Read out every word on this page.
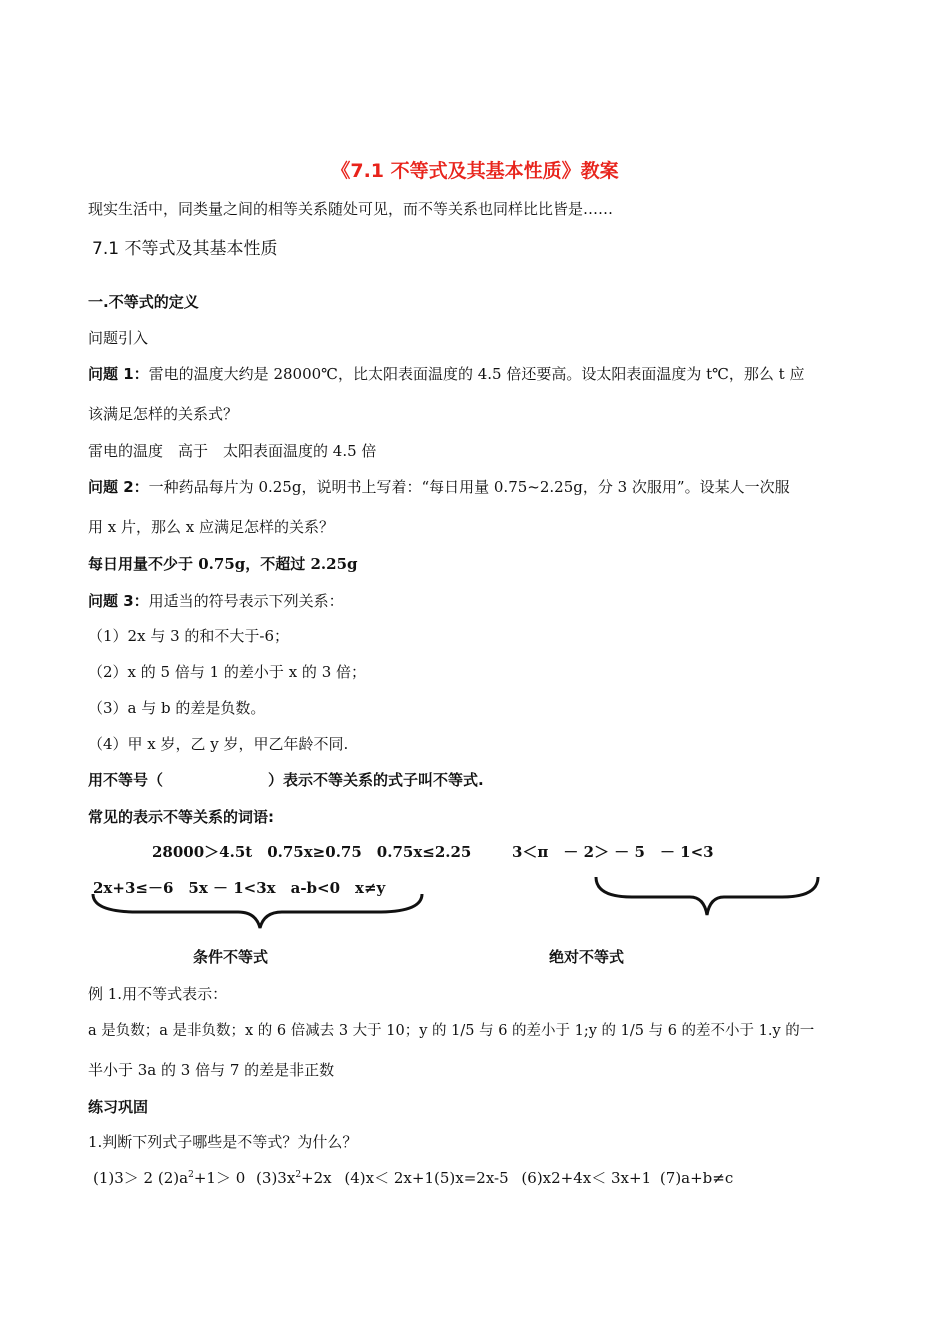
《7.1 不等式及其基本性质》教案
现实生活中，同类量之间的相等关系随处可见，而不等关系也同样比比皆是……
7.1 不等式及其基本性质
一.不等式的定义
问题引入
问题 1：雷电的温度大约是 28000℃，比太阳表面温度的 4.5 倍还要高。设太阳表面温度为 t℃，那么 t 应
该满足怎样的关系式？
雷电的温度　高于　太阳表面温度的 4.5 倍
问题 2：一种药品每片为 0.25g，说明书上写着：“每日用量 0.75~2.25g，分 3 次服用”。设某人一次服
用 x 片，那么 x 应满足怎样的关系？
每日用量不少于 0.75g，不超过 2.25g
问题 3：用适当的符号表示下列关系：
（1）2x 与 3 的和不大于-6；
（2）x 的 5 倍与 1 的差小于 x 的 3 倍；
（3）a 与 b 的差是负数。
（4）甲 x 岁，乙 y 岁，甲乙年龄不同.
用不等号（　　　　　　　）表示不等关系的式子叫不等式.
常见的表示不等关系的词语:
28000＞4.5t　0.75x≥0.75　0.75x≤2.25	3＜π　－ 2＞ － 5　－ 1<3
2x+3≤－6　5x － 1<3x　a-b<0　x≠y
条件不等式	绝对不等式
例 1.用不等式表示：
a 是负数；a 是非负数；x 的 6 倍减去 3 大于 10；y 的 1/5 与 6 的差小于 1;y 的 1/5 与 6 的差不小于 1.y 的一
半小于 3a 的 3 倍与 7 的差是非正数
练习巩固
1.判断下列式子哪些是不等式？为什么？
(1)3＞ 2 $(2)a^2+1> 0$ $(3)3x^2+2x$ (4)x＜ 2x+1(5)x=2x-5 (6)x2+4x＜ 3x+1 (7)a+b≠c
